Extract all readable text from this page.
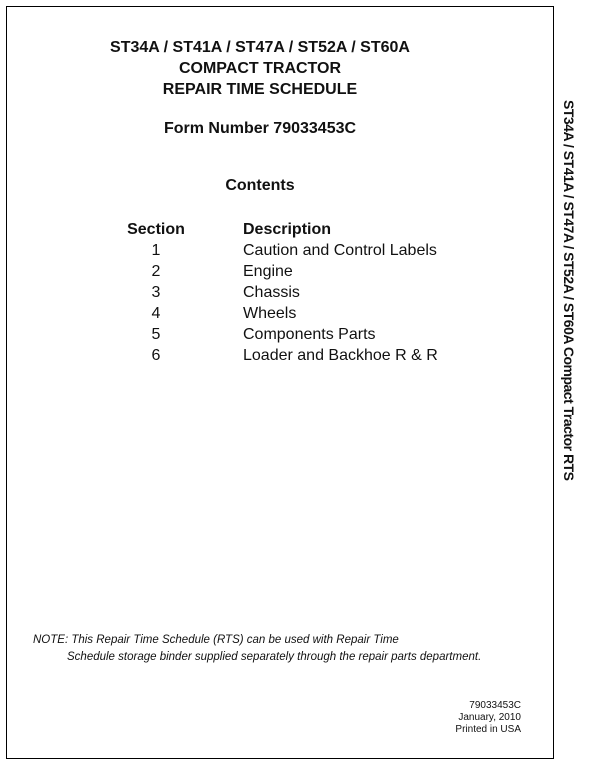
ST34A / ST41A / ST47A / ST52A / ST60A
COMPACT TRACTOR
REPAIR TIME SCHEDULE
Form Number 79033453C
Contents
Section	Description
1	Caution and Control Labels
2	Engine
3	Chassis
4	Wheels
5	Components Parts
6	Loader and Backhoe R & R
NOTE: This Repair Time Schedule (RTS) can be used with Repair Time
Schedule storage binder supplied separately through the repair parts department.
79033453C
January, 2010
Printed in USA
ST34A / ST41A / ST47A / ST52A / ST60A Compact Tractor RTS
